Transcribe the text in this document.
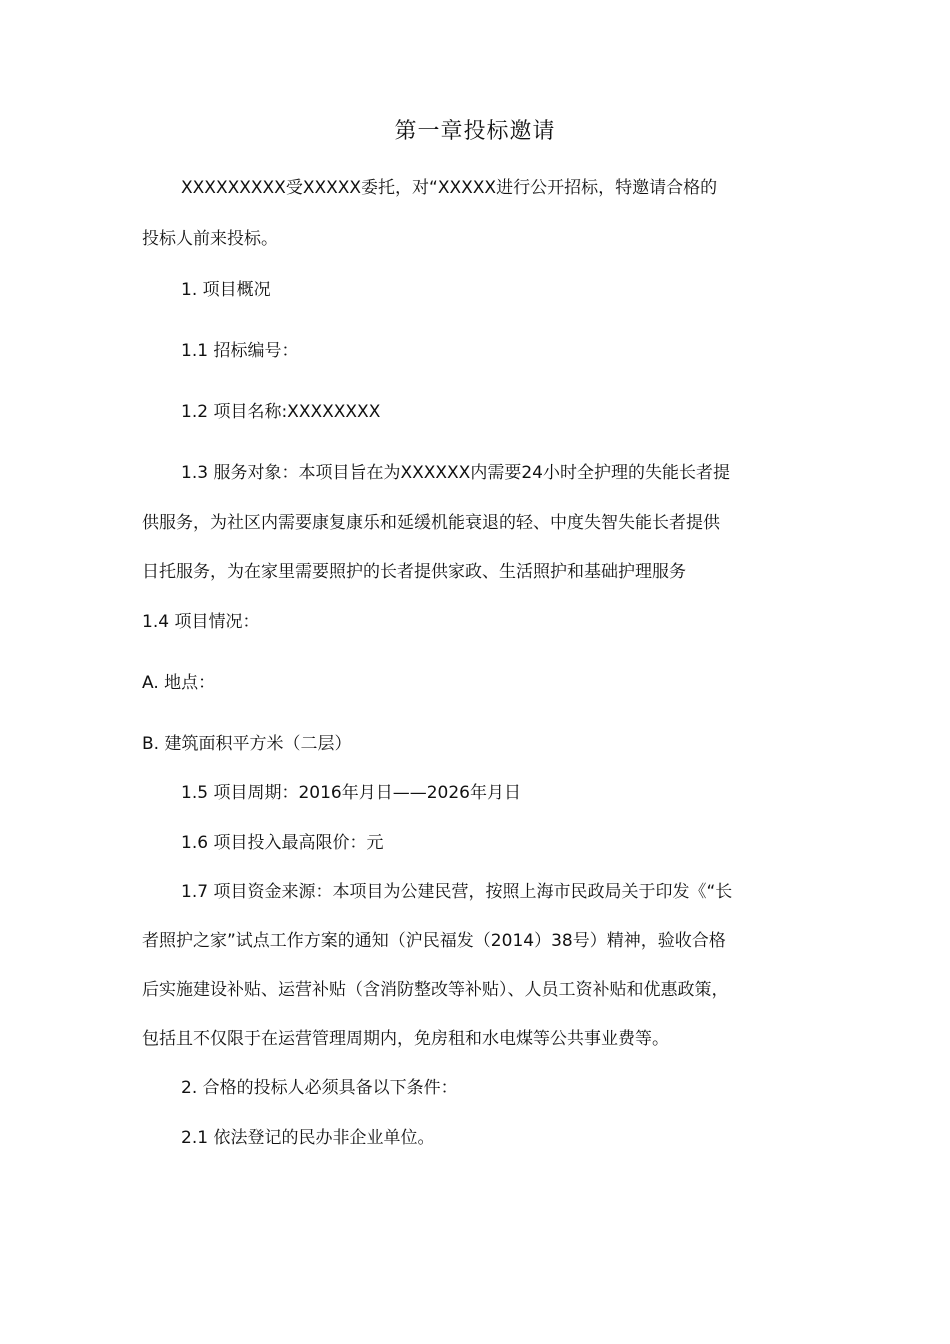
第一章投标邀请

XXXXXXXXX受XXXXX委托，对“XXXXX进行公开招标，特邀请合格的

投标人前来投标。

1. 项目概况

1.1 招标编号：

1.2 项目名称:XXXXXXXX

1.3 服务对象：本项目旨在为XXXXXX内需要24小时全护理的失能长者提

供服务，为社区内需要康复康乐和延缓机能衰退的轻、中度失智失能长者提供

日托服务，为在家里需要照护的长者提供家政、生活照护和基础护理服务

1.4 项目情况：

A. 地点：

B. 建筑面积平方米（二层）

1.5 项目周期：2016年月日——2026年月日

1.6 项目投入最高限价：元

1.7 项目资金来源：本项目为公建民营，按照上海市民政局关于印发《“长

者照护之家”试点工作方案的通知（沪民福发（2014）38号）精神，验收合格

后实施建设补贴、运营补贴（含消防整改等补贴）、人员工资补贴和优惠政策，

包括且不仅限于在运营管理周期内，免房租和水电煤等公共事业费等。

2. 合格的投标人必须具备以下条件：

2.1 依法登记的民办非企业单位。
